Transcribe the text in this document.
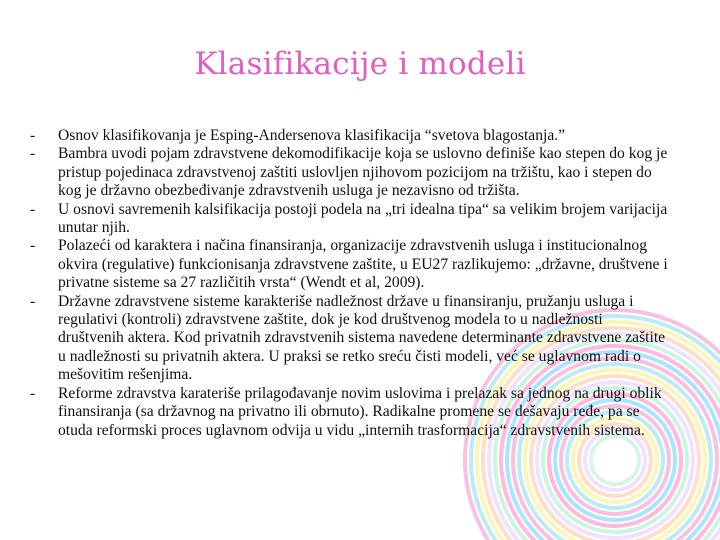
Klasifikacije i modeli
- Osnov klasifikovanja je Esping-Andersenova klasifikacija “svetova blagostanja.”
- Bambra uvodi pojam zdravstvene dekomodifikacije koja se uslovno definiše kao stepen do kog je pristup pojedinaca zdravstvenoj zaštiti uslovljen njihovom pozicijom na tržištu, kao i stepen do kog je državno obezbeđivanje zdravstvenih usluga je nezavisno od tržišta.
- U osnovi savremenih kalsifikacija postoji podela na „tri idealna tipa“ sa velikim brojem varijacija unutar njih.
- Polazeći od karaktera i načina finansiranja, organizacije zdravstvenih usluga i institucionalnog okvira (regulative) funkcionisanja zdravstvene zaštite, u EU27 razlikujemo: „državne, društvene i privatne sisteme sa 27 različitih vrsta“ (Wendt et al, 2009).
- Državne zdravstvene sisteme karakteriše nadležnost države u finansiranju, pružanju usluga i regulativi (kontroli) zdravstvene zaštite, dok je kod društvenog modela to u nadležnosti društvenih aktera. Kod privatnih zdravstvenih sistema navedene determinante zdravstvene zaštite u nadležnosti su privatnih aktera. U praksi se retko sreću čisti modeli, već se uglavnom radi o mešovitim rešenjima.
- Reforme zdravstva karateriše prilagođavanje novim uslovima i prelazak sa jednog na drugi oblik finansiranja (sa državnog na privatno ili obrnuto). Radikalne promene se dešavaju ređe, pa se otuda reformski proces uglavnom odvija u vidu „internih trasformacija“ zdravstvenih sistema.
